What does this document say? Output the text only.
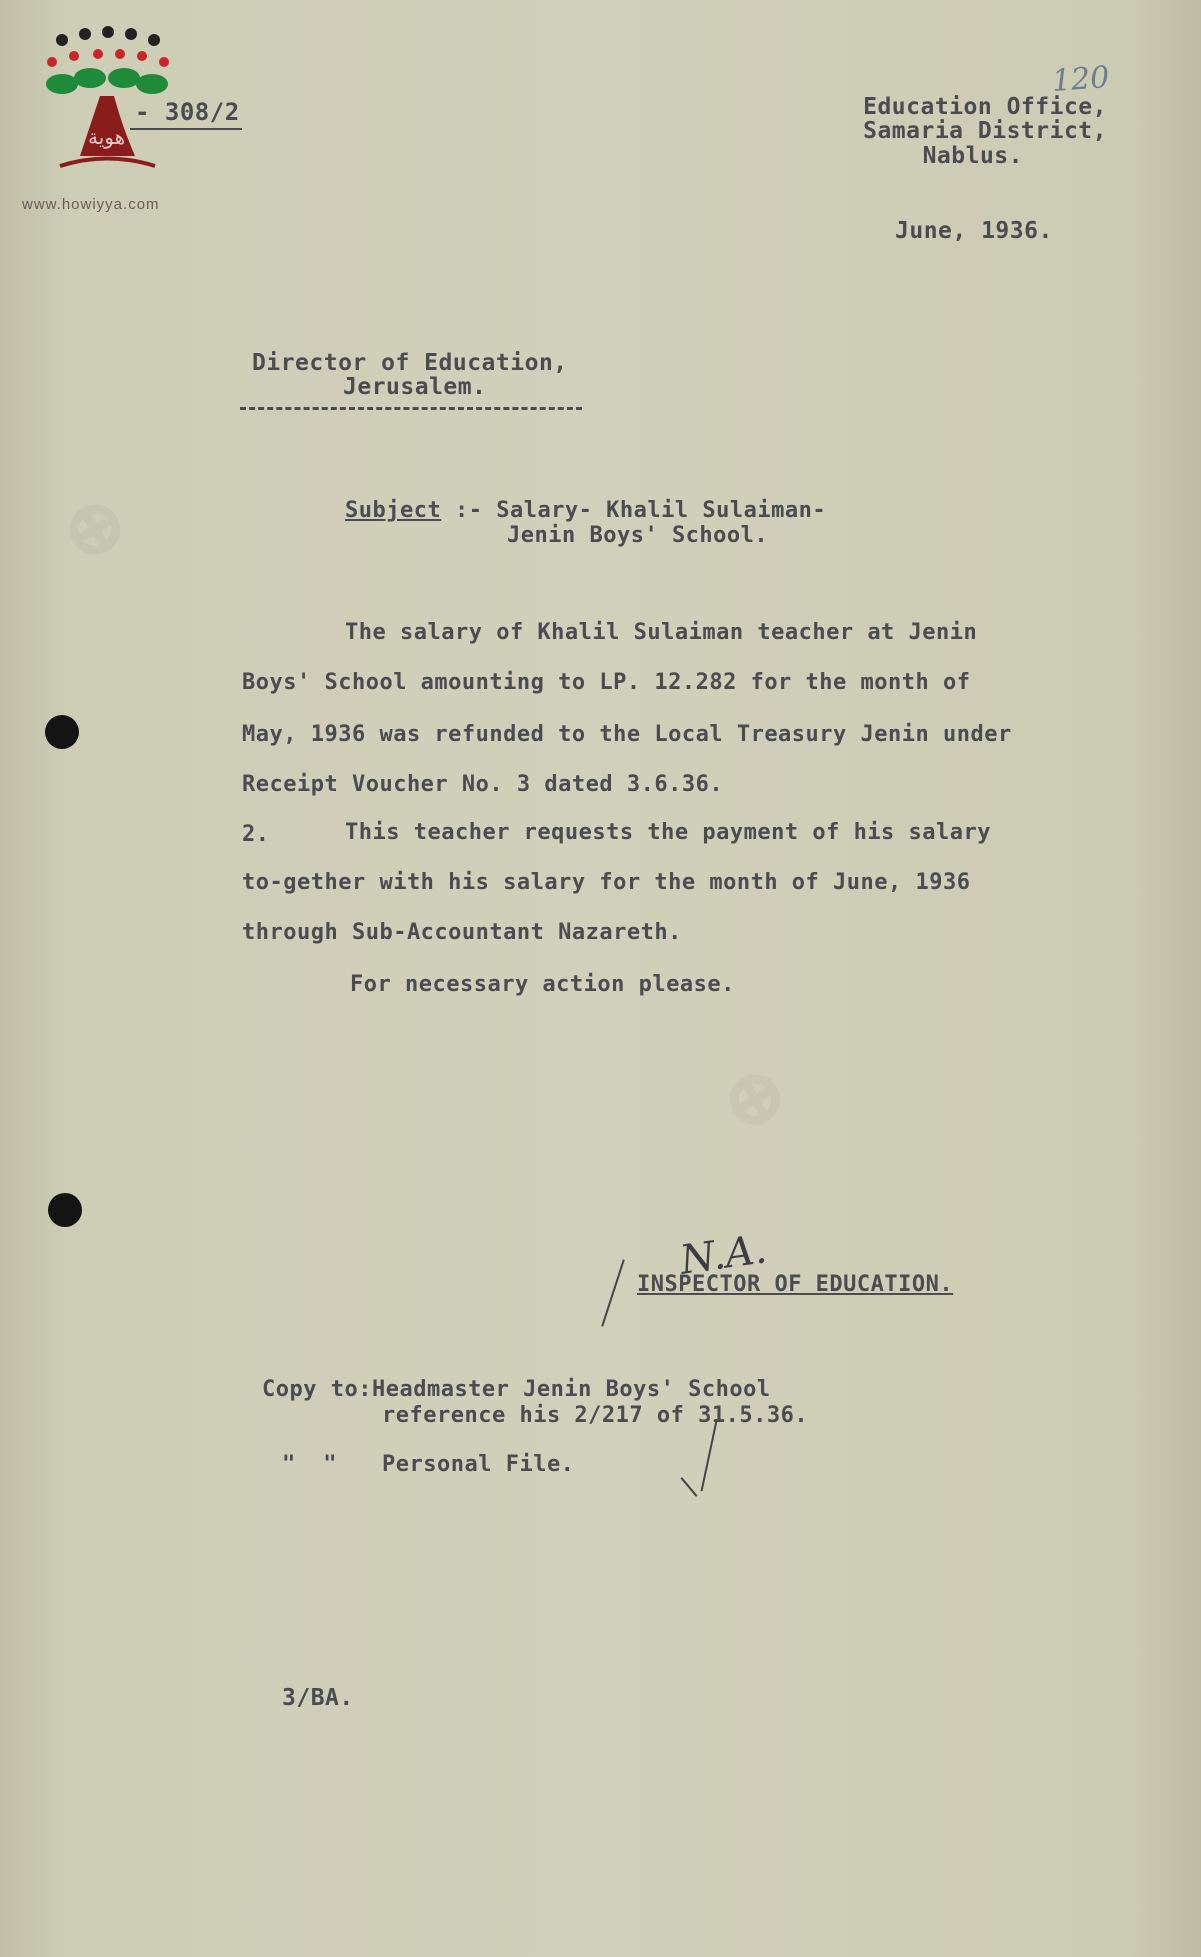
⊕
⊕
هوية
www.howiyya.com
- 308/2
120
Education Office,
Samaria District,
Nablus.
June, 1936.
Director of Education,
Jerusalem.
Subject :- Salary- Khalil Sulaiman-
Jenin Boys' School.
The salary of Khalil Sulaiman teacher at Jenin
Boys' School amounting to LP. 12.282 for the month of
May, 1936 was refunded to the Local Treasury Jenin under
Receipt Voucher No. 3 dated 3.6.36.
2.	This teacher requests the payment of his salary
to-gether with his salary for the month of June, 1936
through Sub-Accountant Nazareth.
For necessary action please.
N.A.
INSPECTOR OF EDUCATION.
Copy to:Headmaster Jenin Boys' School
reference his 2/217 of 31.5.36.
"  " Personal File.
3/BA.
